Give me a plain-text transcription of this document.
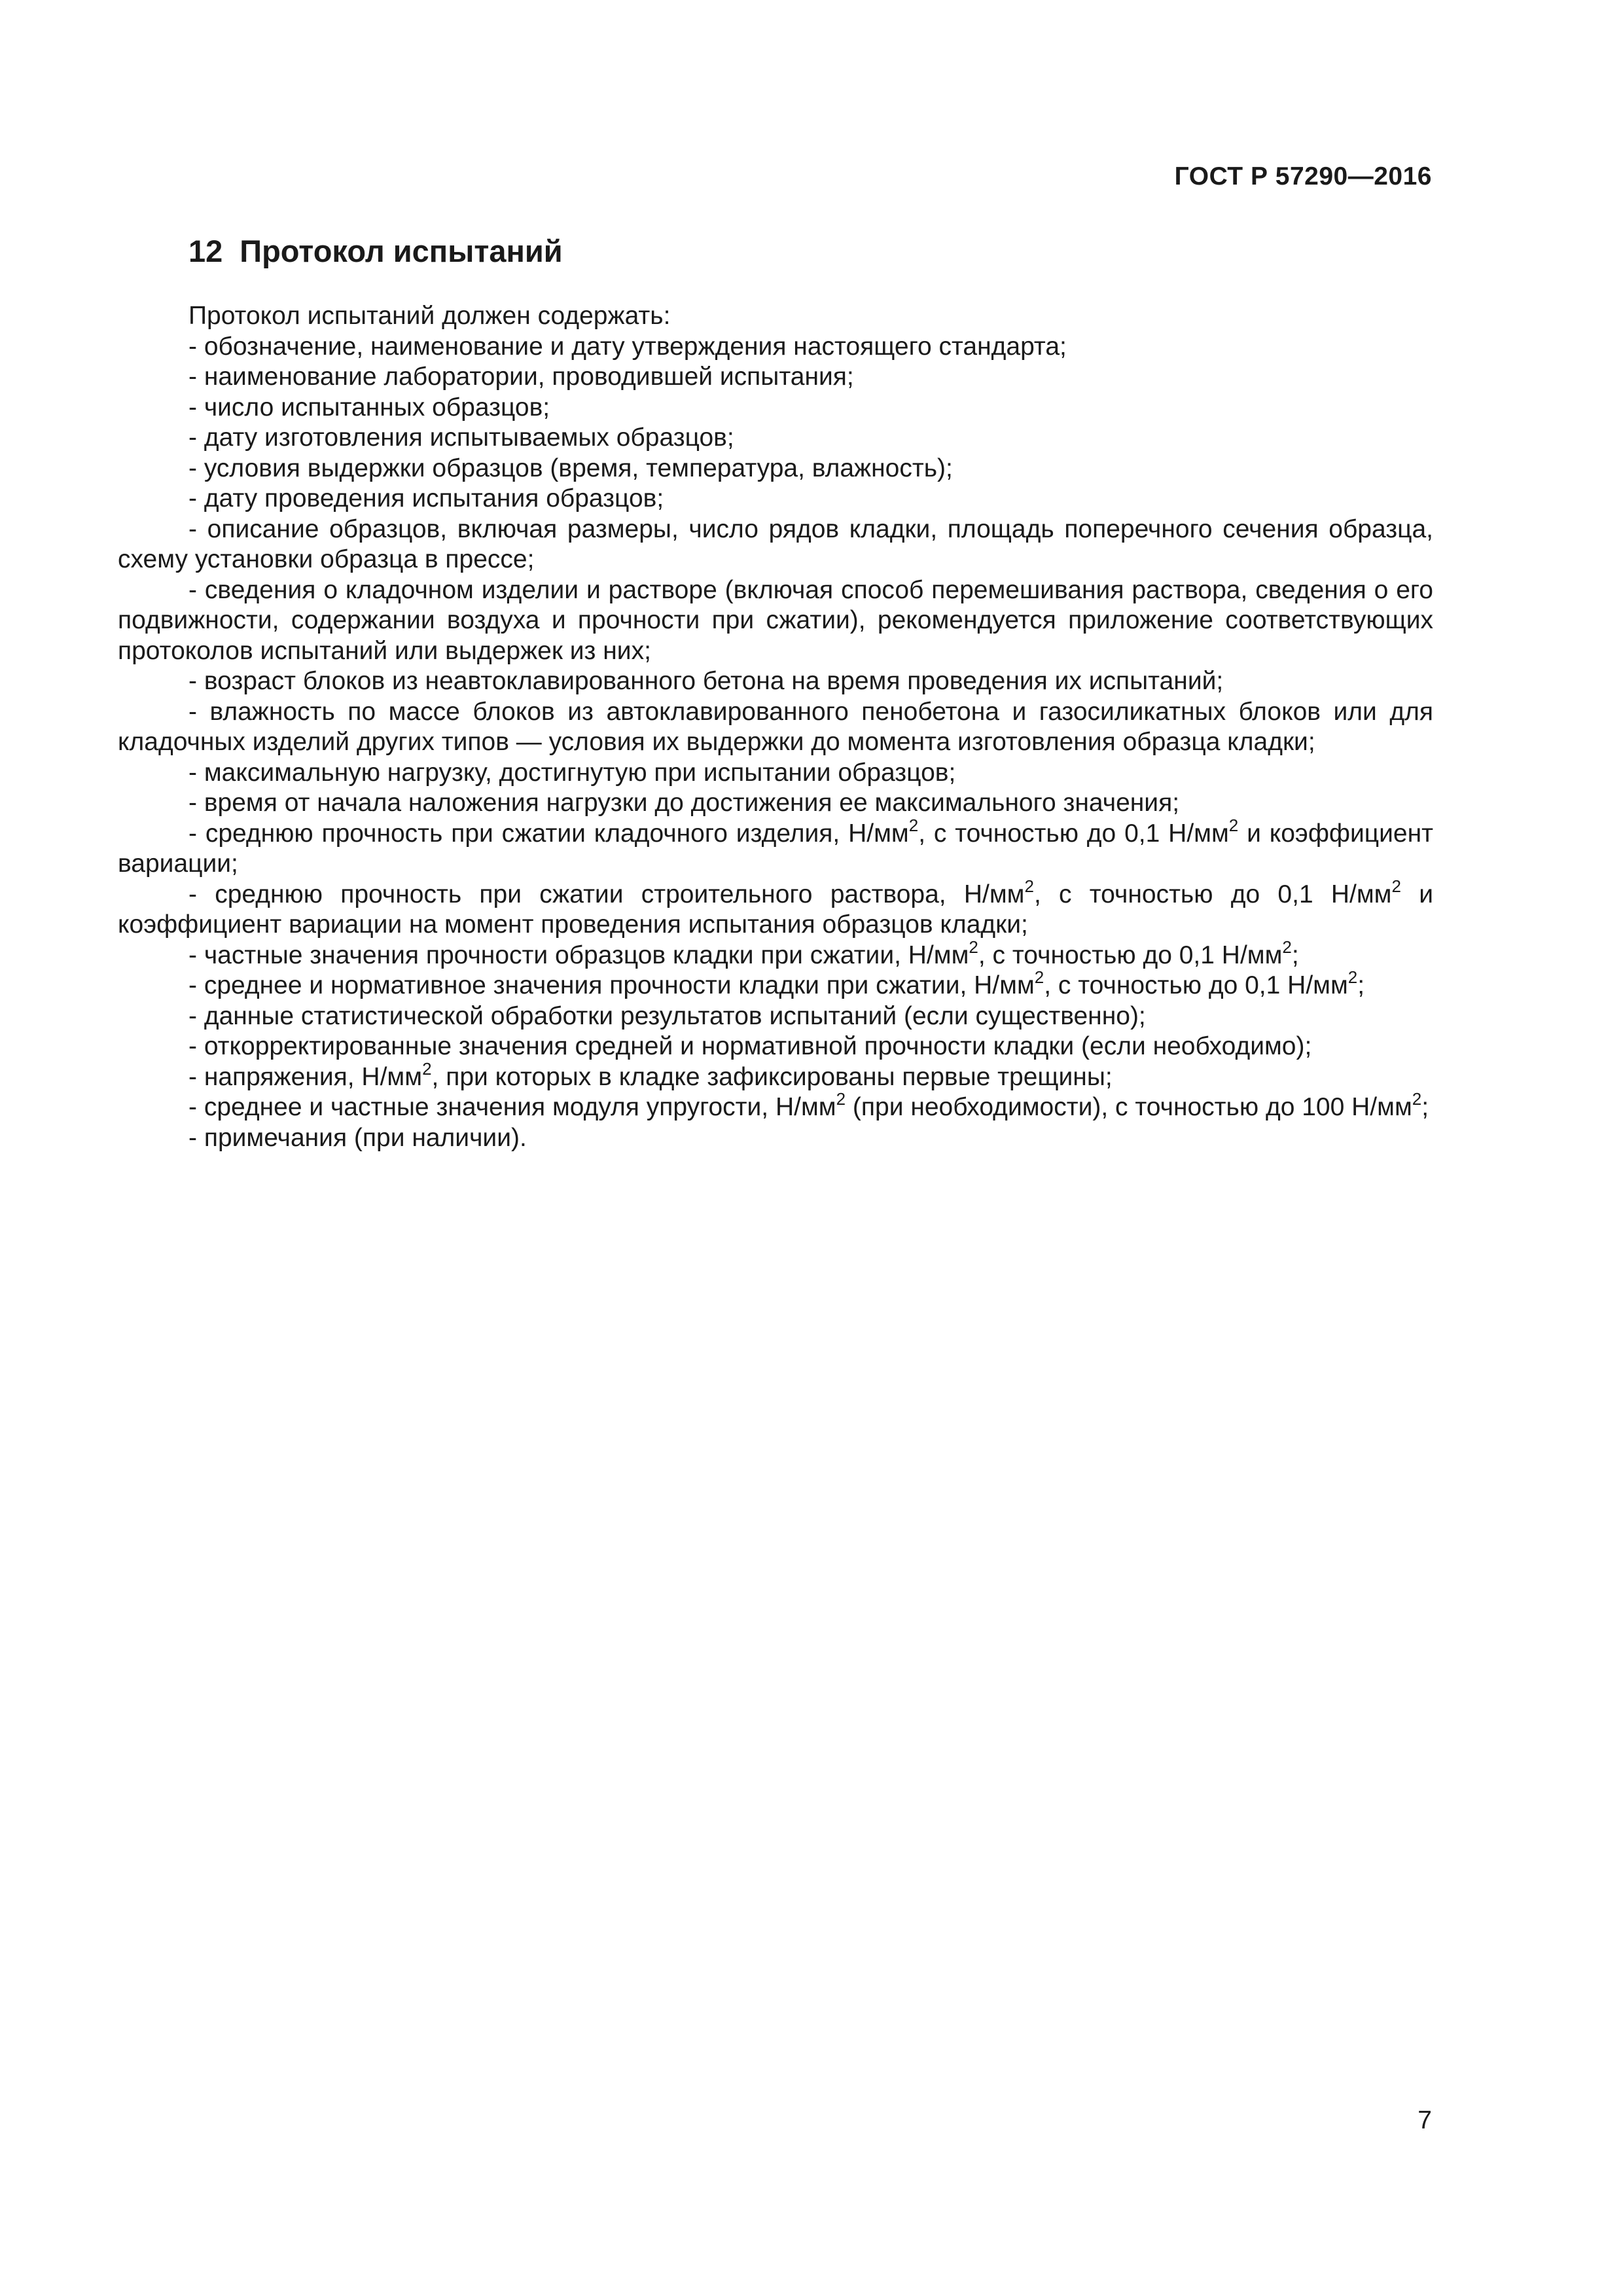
ГОСТ Р 57290—2016
12 Протокол испытаний

Протокол испытаний должен содержать:

- обозначение, наименование и дату утверждения настоящего стандарта;

- наименование лаборатории, проводившей испытания;

- число испытанных образцов;

- дату изготовления испытываемых образцов;

- условия выдержки образцов (время, температура, влажность);

- дату проведения испытания образцов;

- описание образцов, включая размеры, число рядов кладки, площадь поперечного сечения образца, схему установки образца в прессе;

- сведения о кладочном изделии и растворе (включая способ перемешивания раствора, сведения о его подвижности, содержании воздуха и прочности при сжатии), рекомендуется приложение соответствующих протоколов испытаний или выдержек из них;

- возраст блоков из неавтоклавированного бетона на время проведения их испытаний;

- влажность по массе блоков из автоклавированного пенобетона и газосиликатных блоков или для кладочных изделий других типов — условия их выдержки до момента изготовления образца кладки;

- максимальную нагрузку, достигнутую при испытании образцов;

- время от начала наложения нагрузки до достижения ее максимального значения;

- среднюю прочность при сжатии кладочного изделия, $Н/мм^2$, с точностью до 0,1 $Н/мм^2$ и коэффициент вариации;

- среднюю прочность при сжатии строительного раствора, $Н/мм^2$, с точностью до 0,1 $Н/мм^2$ и коэффициент вариации на момент проведения испытания образцов кладки;

- частные значения прочности образцов кладки при сжатии, $Н/мм^2$, с точностью до 0,1 $Н/мм^2$;

- среднее и нормативное значения прочности кладки при сжатии, $Н/мм^2$, с точностью до 0,1 $Н/мм^2$;

- данные статистической обработки результатов испытаний (если существенно);

- откорректированные значения средней и нормативной прочности кладки (если необходимо);

- напряжения, $Н/мм^2$, при которых в кладке зафиксированы первые трещины;

- среднее и частные значения модуля упругости, $Н/мм^2$ (при необходимости), с точностью до 100 $Н/мм^2$;

- примечания (при наличии).

7
